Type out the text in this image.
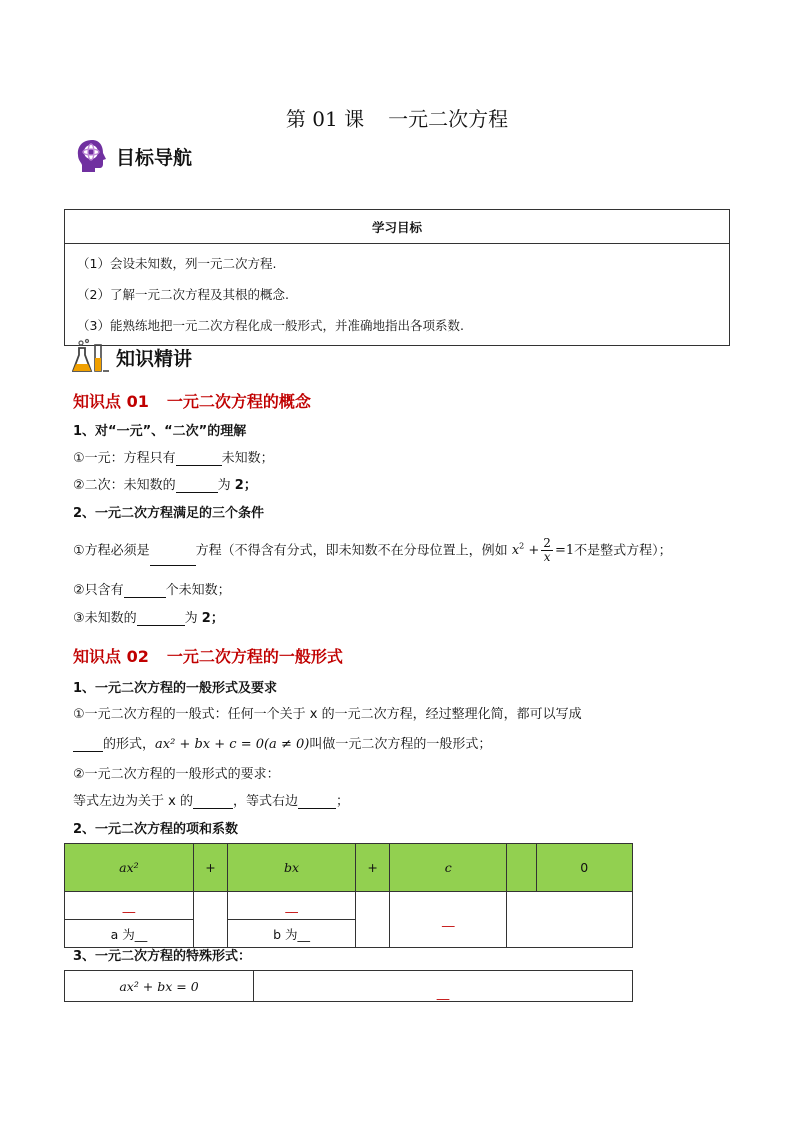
第 01 课 一元二次方程
目标导航
学习目标

（1）会设未知数，列一元二次方程.
（2）了解一元二次方程及其根的概念.
（3）能熟练地把一元二次方程化成一般形式，并准确地指出各项系数.
知识精讲
知识点 01 一元二次方程的概念
1、对“一元”、“二次”的理解
①一元：方程只有	未知数；
②二次：未知数的	为 2；
2、一元二次方程满足的三个条件
①方程必须是	方程（不得含有分式，即未知数不在分母位置上，例如 $x^2 + \frac{2}{x} =1$不是整式方程）；
②只含有	个未知数；
③未知数的	为 2；
知识点 02 一元二次方程的一般形式
1、一元二次方程的一般形式及要求
①一元二次方程的一般式：任何一个关于 x 的一元二次方程，经过整理化简，都可以写成
的形式，ax² + bx + c = 0(a ≠ 0)叫做一元二次方程的一般形式；
②一元二次方程的一般形式的要求：
等式左边为关于 x 的	，等式右边	；
2、一元二次方程的项和系数
ax²	+	bx	+	c		0
__		__		__		
a 为__		b 为__				
3、一元二次方程的特殊形式：
ax² + bx = 0	__
